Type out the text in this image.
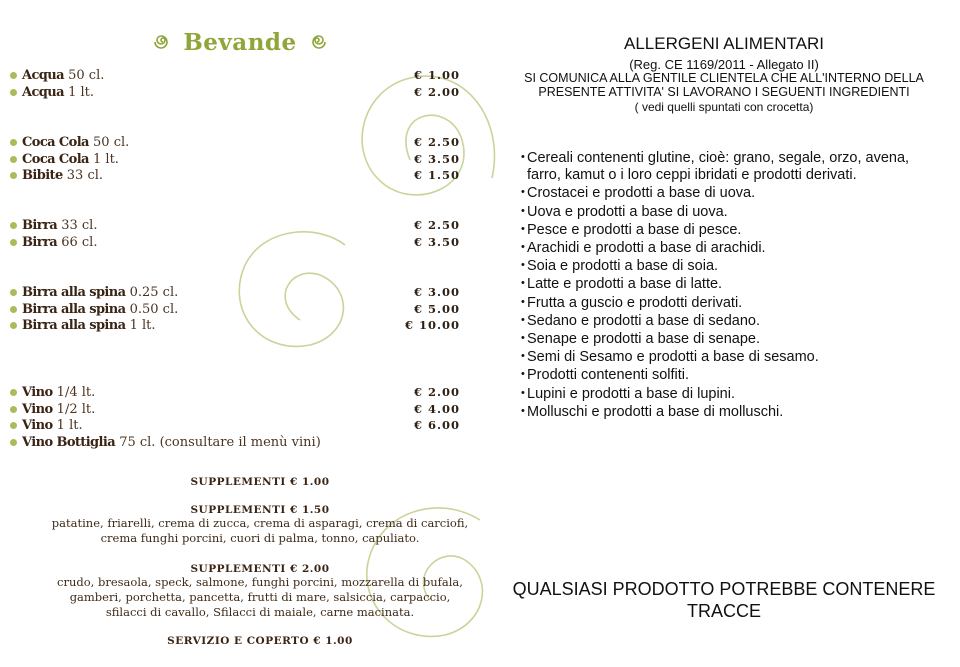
Bevande
Acqua 50 cl.	€ 1.00
Acqua 1 lt.	€ 2.00
Coca Cola 50 cl.	€ 2.50
Coca Cola 1 lt.	€ 3.50
Bibite 33 cl.	€ 1.50
Birra 33 cl.	€ 2.50
Birra 66 cl.	€ 3.50
Birra alla spina 0.25 cl.	€ 3.00
Birra alla spina 0.50 cl.	€ 5.00
Birra alla spina 1 lt.	€ 10.00
Vino 1/4 lt.	€ 2.00
Vino 1/2 lt.	€ 4.00
Vino 1 lt.	€ 6.00
Vino Bottiglia 75 cl. (consultare il menù vini)
SUPPLEMENTI € 1.00
SUPPLEMENTI € 1.50
patatine, friarelli, crema di zucca, crema di asparagi, crema di carciofi,
crema funghi porcini, cuori di palma, tonno, capuliato.
SUPPLEMENTI € 2.00
crudo, bresaola, speck, salmone, funghi porcini, mozzarella di bufala,
gamberi, porchetta, pancetta, frutti di mare, salsiccia, carpaccio,
sfilacci di cavallo, Sfilacci di maiale, carne macinata.
SERVIZIO E COPERTO € 1.00
ALLERGENI ALIMENTARI
(Reg. CE 1169/2011 - Allegato II)
SI COMUNICA ALLA GENTILE CLIENTELA CHE ALL'INTERNO DELLA PRESENTE ATTIVITA' SI LAVORANO I SEGUENTI INGREDIENTI
( vedi quelli spuntati con crocetta)
• Cereali contenenti glutine, cioè: grano, segale, orzo, avena, farro, kamut o i loro ceppi ibridati e prodotti derivati.
• Crostacei e prodotti a base di uova.
• Uova e prodotti a base di uova.
• Pesce e prodotti a base di pesce.
• Arachidi e prodotti a base di arachidi.
• Soia e prodotti a base di soia.
• Latte e prodotti a base di latte.
• Frutta a guscio e prodotti derivati.
• Sedano e prodotti a base di sedano.
• Senape e prodotti a base di senape.
• Semi di Sesamo e prodotti a base di sesamo.
• Prodotti contenenti solfiti.
• Lupini e prodotti a base di lupini.
• Molluschi e prodotti a base di molluschi.
QUALSIASI PRODOTTO POTREBBE CONTENERE TRACCE
